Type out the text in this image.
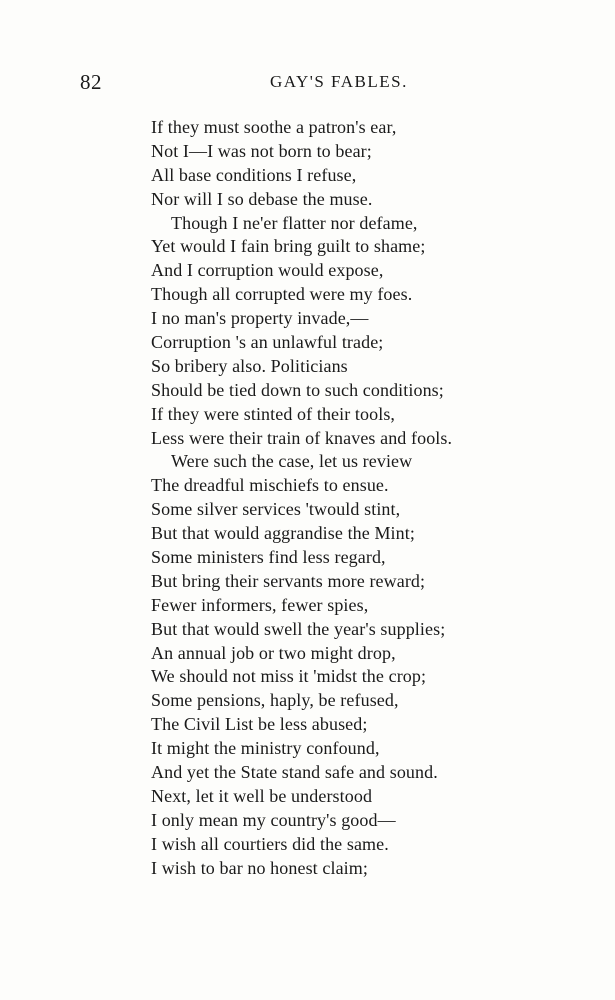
82	GAY'S FABLES.
If they must soothe a patron's ear,
Not I—I was not born to bear;
All base conditions I refuse,
Nor will I so debase the muse.
Though I ne'er flatter nor defame,
Yet would I fain bring guilt to shame;
And I corruption would expose,
Though all corrupted were my foes.
I no man's property invade,—
Corruption 's an unlawful trade;
So bribery also. Politicians
Should be tied down to such conditions;
If they were stinted of their tools,
Less were their train of knaves and fools.
Were such the case, let us review
The dreadful mischiefs to ensue.
Some silver services 'twould stint,
But that would aggrandise the Mint;
Some ministers find less regard,
But bring their servants more reward;
Fewer informers, fewer spies,
But that would swell the year's supplies;
An annual job or two might drop,
We should not miss it 'midst the crop;
Some pensions, haply, be refused,
The Civil List be less abused;
It might the ministry confound,
And yet the State stand safe and sound.
Next, let it well be understood
I only mean my country's good—
I wish all courtiers did the same.
I wish to bar no honest claim;
